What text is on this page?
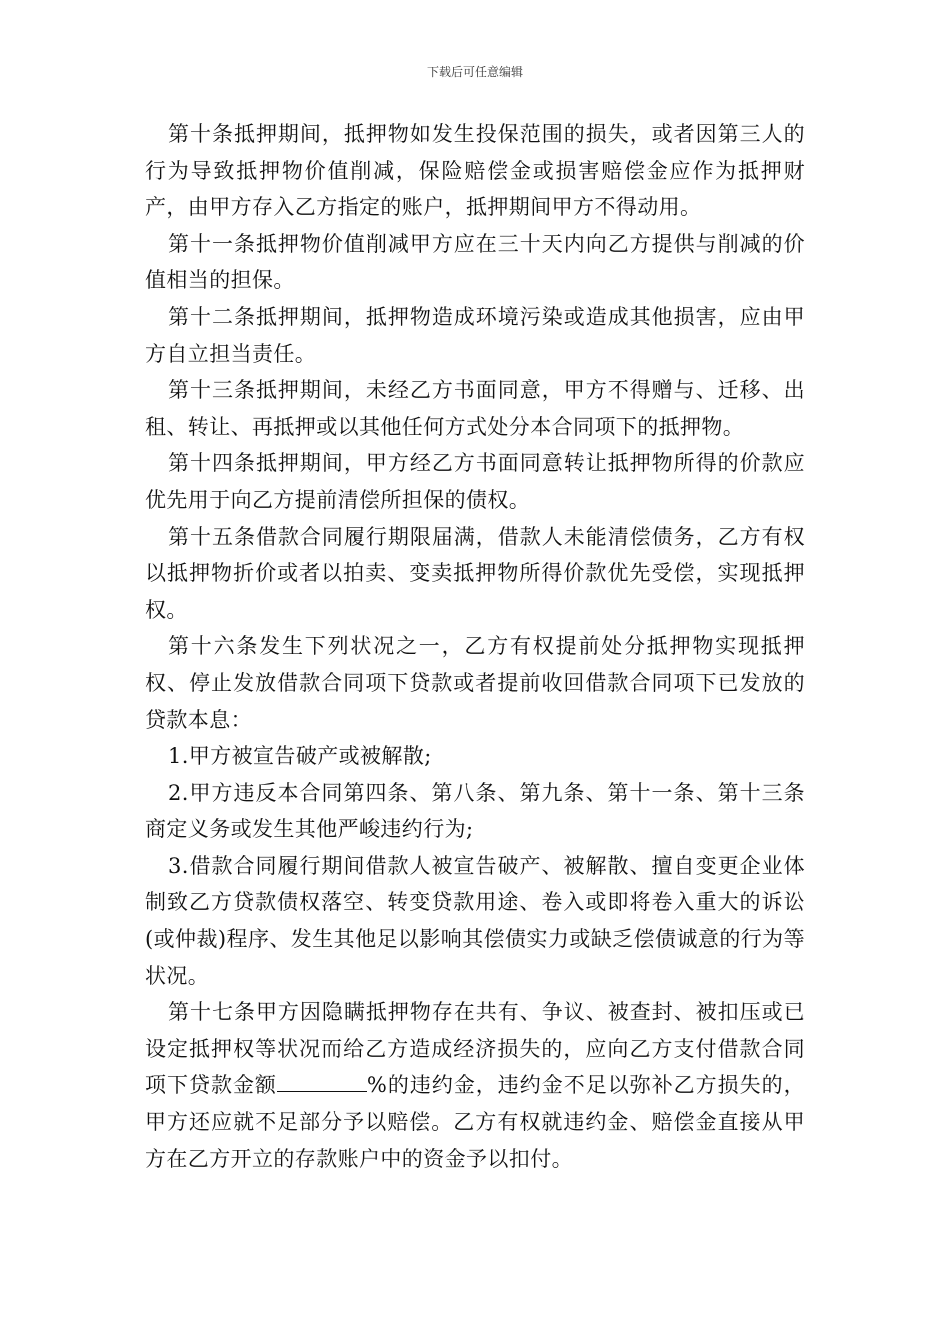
下载后可任意编辑

第十条抵押期间，抵押物如发生投保范围的损失，或者因第三人的行为导致抵押物价值削减，保险赔偿金或损害赔偿金应作为抵押财产，由甲方存入乙方指定的账户，抵押期间甲方不得动用。

第十一条抵押物价值削减甲方应在三十天内向乙方提供与削减的价值相当的担保。

第十二条抵押期间，抵押物造成环境污染或造成其他损害，应由甲方自立担当责任。

第十三条抵押期间，未经乙方书面同意，甲方不得赠与、迁移、出租、转让、再抵押或以其他任何方式处分本合同项下的抵押物。

第十四条抵押期间，甲方经乙方书面同意转让抵押物所得的价款应优先用于向乙方提前清偿所担保的债权。

第十五条借款合同履行期限届满，借款人未能清偿债务，乙方有权以抵押物折价或者以拍卖、变卖抵押物所得价款优先受偿，实现抵押权。

第十六条发生下列状况之一，乙方有权提前处分抵押物实现抵押权、停止发放借款合同项下贷款或者提前收回借款合同项下已发放的贷款本息：

1.甲方被宣告破产或被解散;

2.甲方违反本合同第四条、第八条、第九条、第十一条、第十三条商定义务或发生其他严峻违约行为;

3.借款合同履行期间借款人被宣告破产、被解散、擅自变更企业体制致乙方贷款债权落空、转变贷款用途、卷入或即将卷入重大的诉讼(或仲裁)程序、发生其他足以影响其偿债实力或缺乏偿债诚意的行为等状况。

第十七条甲方因隐瞒抵押物存在共有、争议、被查封、被扣压或已设定抵押权等状况而给乙方造成经济损失的，应向乙方支付借款合同项下贷款金额	%的违约金，违约金不足以弥补乙方损失的，甲方还应就不足部分予以赔偿。乙方有权就违约金、赔偿金直接从甲方在乙方开立的存款账户中的资金予以扣付。
